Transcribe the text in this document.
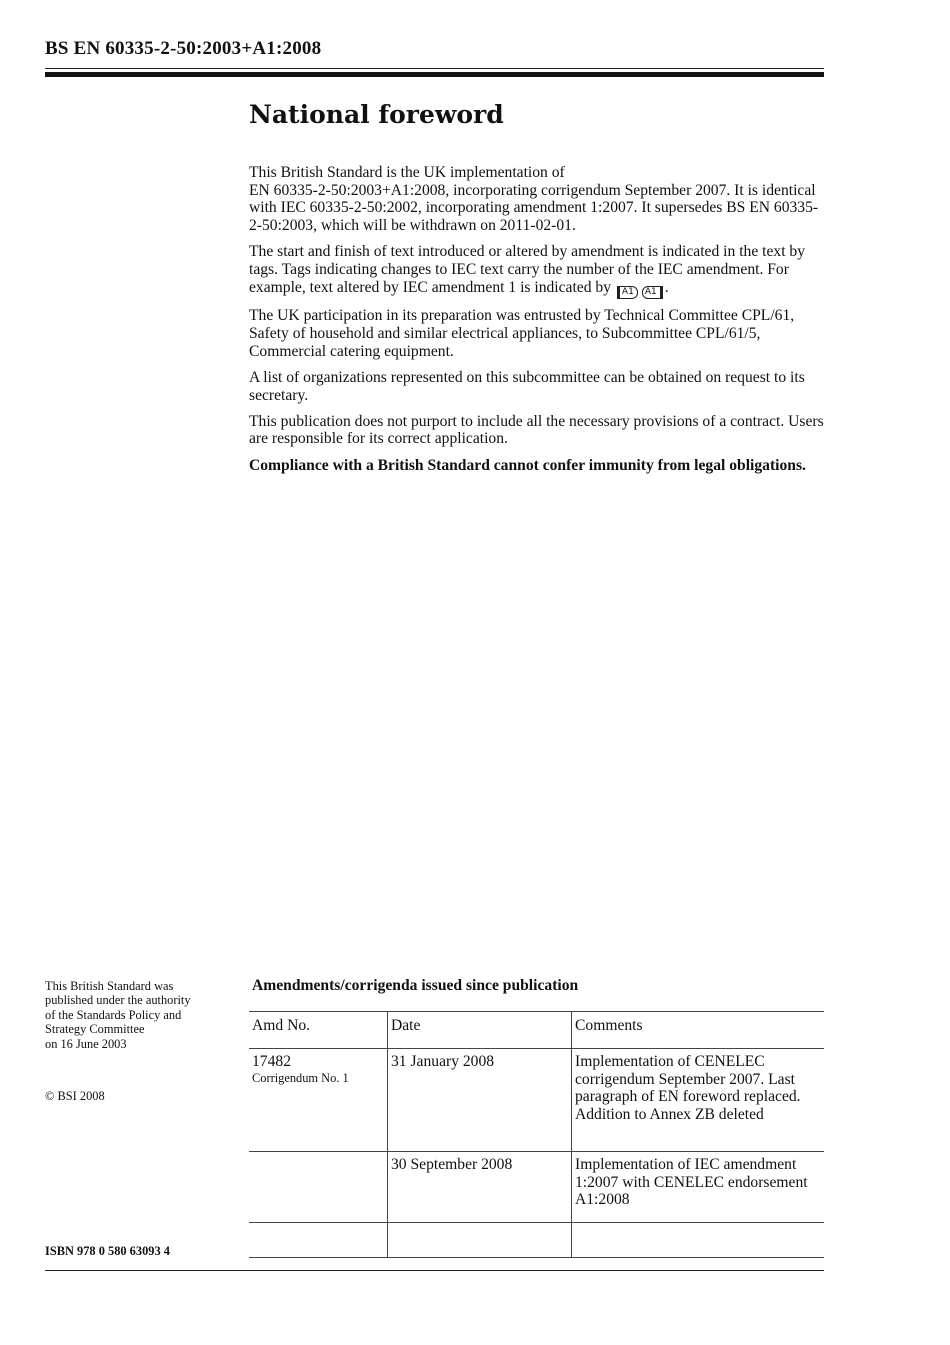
BS EN 60335-2-50:2003+A1:2008
National foreword

This British Standard is the UK implementation of
EN 60335-2-50:2003+A1:2008, incorporating corrigendum September 2007. It is identical with IEC 60335-2-50:2002, incorporating amendment 1:2007. It supersedes BS EN 60335-2-50:2003, which will be withdrawn on 2011-02-01.

The start and finish of text introduced or altered by amendment is indicated in the text by tags. Tags indicating changes to IEC text carry the number of the IEC amendment. For example, text altered by IEC amendment 1 is indicated by A1 A1 .

The UK participation in its preparation was entrusted by Technical Committee CPL/61, Safety of household and similar electrical appliances, to Subcommittee CPL/61/5, Commercial catering equipment.

A list of organizations represented on this subcommittee can be obtained on request to its secretary.

This publication does not purport to include all the necessary provisions of a contract. Users are responsible for its correct application.

Compliance with a British Standard cannot confer immunity from legal obligations.

This British Standard was
published under the authority
of the Standards Policy and
Strategy Committee
on 16 June 2003
© BSI 2008
ISBN 978 0 580 63093 4
Amendments/corrigenda issued since publication
Amd No.	Date	Comments
17482
Corrigendum No. 1	31 January 2008	Implementation of CENELEC corrigendum September 2007. Last paragraph of EN foreword replaced. Addition to Annex ZB deleted

	30 September 2008	Implementation of IEC amendment 1:2007 with CENELEC endorsement A1:2008
